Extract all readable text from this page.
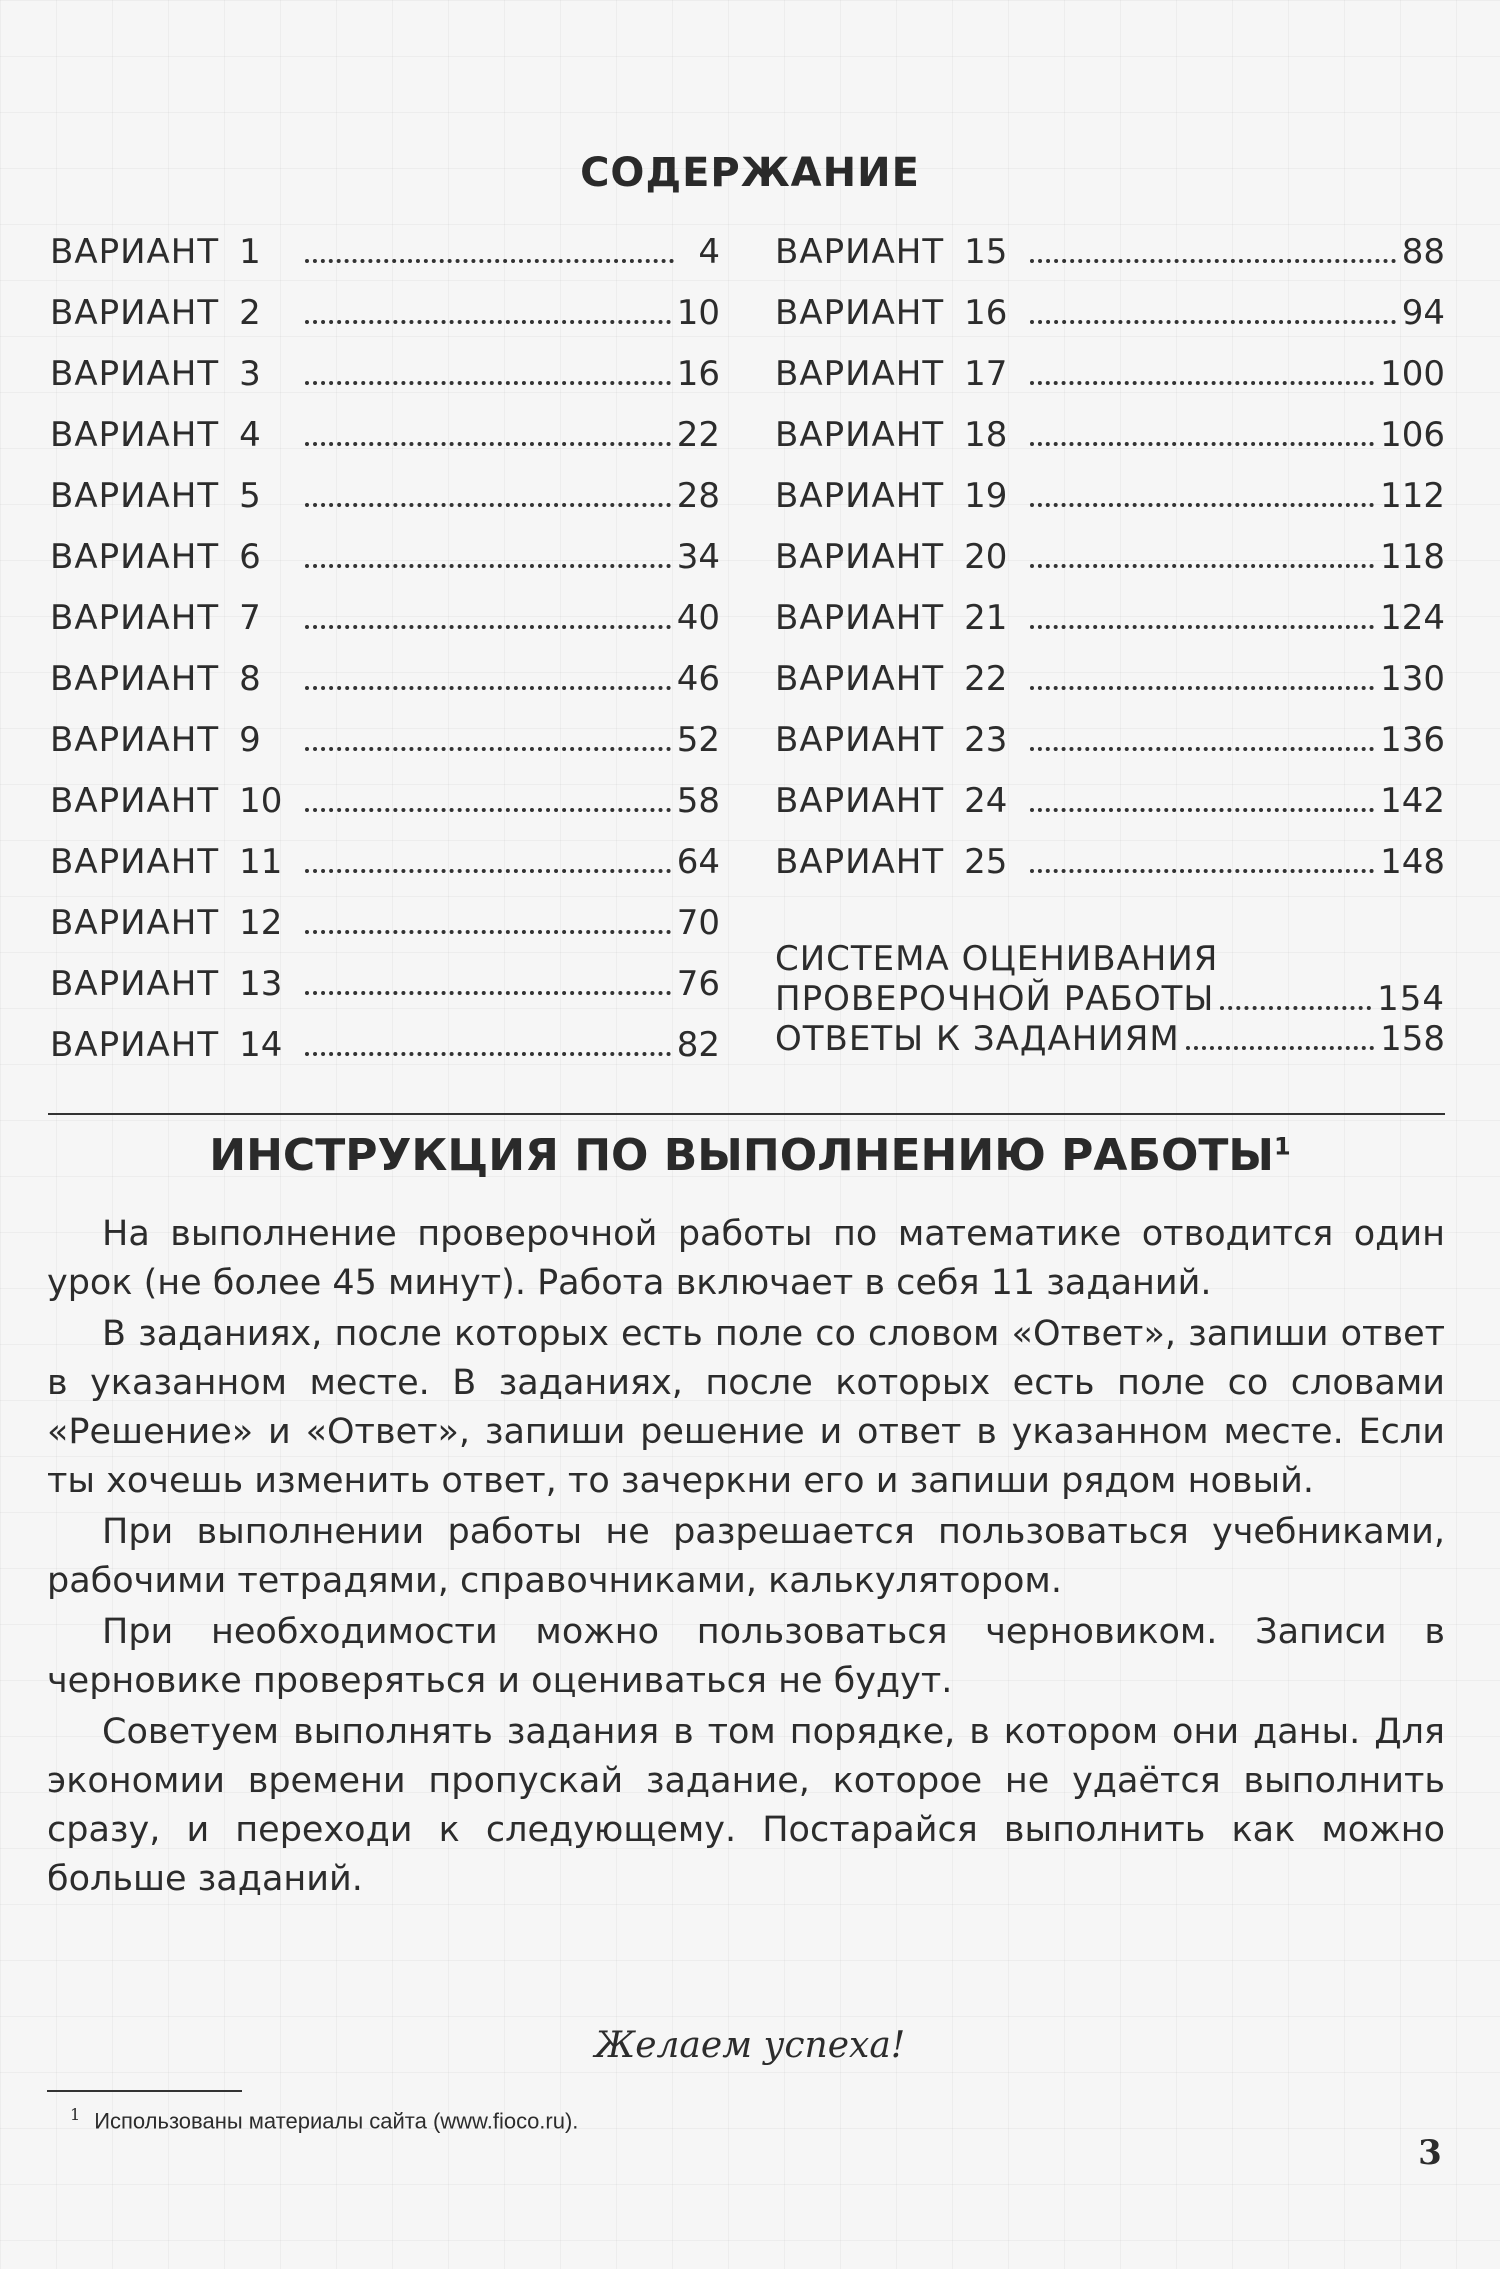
СОДЕРЖАНИЕ
ВАРИАНТ 1	4
ВАРИАНТ 2	10
ВАРИАНТ 3	16
ВАРИАНТ 4	22
ВАРИАНТ 5	28
ВАРИАНТ 6	34
ВАРИАНТ 7	40
ВАРИАНТ 8	46
ВАРИАНТ 9	52
ВАРИАНТ 10	58
ВАРИАНТ 11	64
ВАРИАНТ 12	70
ВАРИАНТ 13	76
ВАРИАНТ 14	82
ВАРИАНТ 15	88
ВАРИАНТ 16	94
ВАРИАНТ 17	100
ВАРИАНТ 18	106
ВАРИАНТ 19	112
ВАРИАНТ 20	118
ВАРИАНТ 21	124
ВАРИАНТ 22	130
ВАРИАНТ 23	136
ВАРИАНТ 24	142
ВАРИАНТ 25	148
СИСТЕМА ОЦЕНИВАНИЯ
ПРОВЕРОЧНОЙ РАБОТЫ	154
ОТВЕТЫ К ЗАДАНИЯМ	158
ИНСТРУКЦИЯ ПО ВЫПОЛНЕНИЮ РАБОТЫ$^1$

На выполнение проверочной работы по математике отводится один урок (не более 45 минут). Работа включает в себя 11 заданий.

В заданиях, после которых есть поле со словом «Ответ», запиши ответ в указанном месте. В заданиях, после которых есть поле со словами «Решение» и «Ответ», запиши решение и ответ в указанном месте. Если ты хочешь изменить ответ, то зачеркни его и запиши рядом новый.

При выполнении работы не разрешается пользоваться учебниками, рабочими тетрадями, справочниками, калькулятором.

При необходимости можно пользоваться черновиком. Записи в черновике проверяться и оцениваться не будут.

Советуем выполнять задания в том порядке, в котором они даны. Для экономии времени пропускай задание, которое не удаётся выполнить сразу, и переходи к следующему. Постарайся выполнить как можно больше заданий.

Желаем успеха!
$^1$ Использованы материалы сайта (www.fioco.ru).
3
